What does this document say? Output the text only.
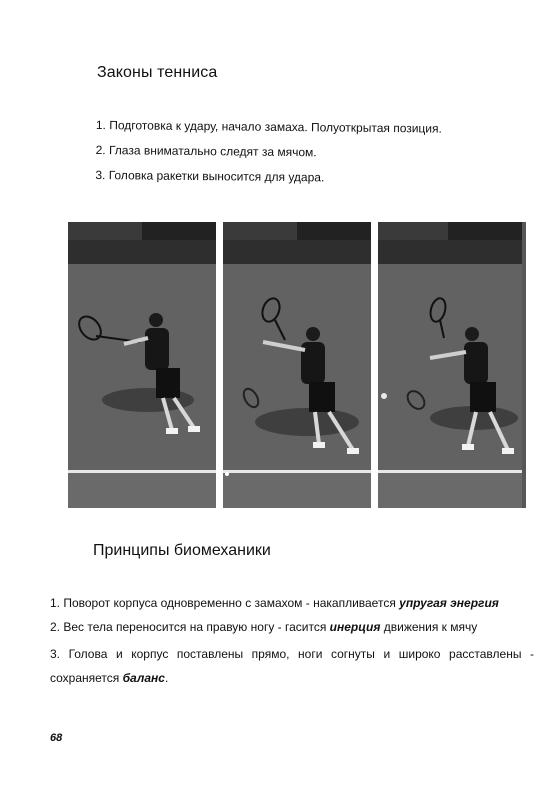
Законы тенниса
1. Подготовка к удару, начало замаха. Полуоткрытая позиция.
2. Глаза вниматально следят за мячом.
3. Головка ракетки выносится для удара.
Принципы биомеханики
1. Поворот корпуса одновременно с замахом - накапливается упругая энергия
2. Вес тела переносится на правую ногу - гасится инерция движения к мячу
3. Голова и корпус поставлены прямо, ноги согнуты и широко расставлены - сохраняется баланс.
68
